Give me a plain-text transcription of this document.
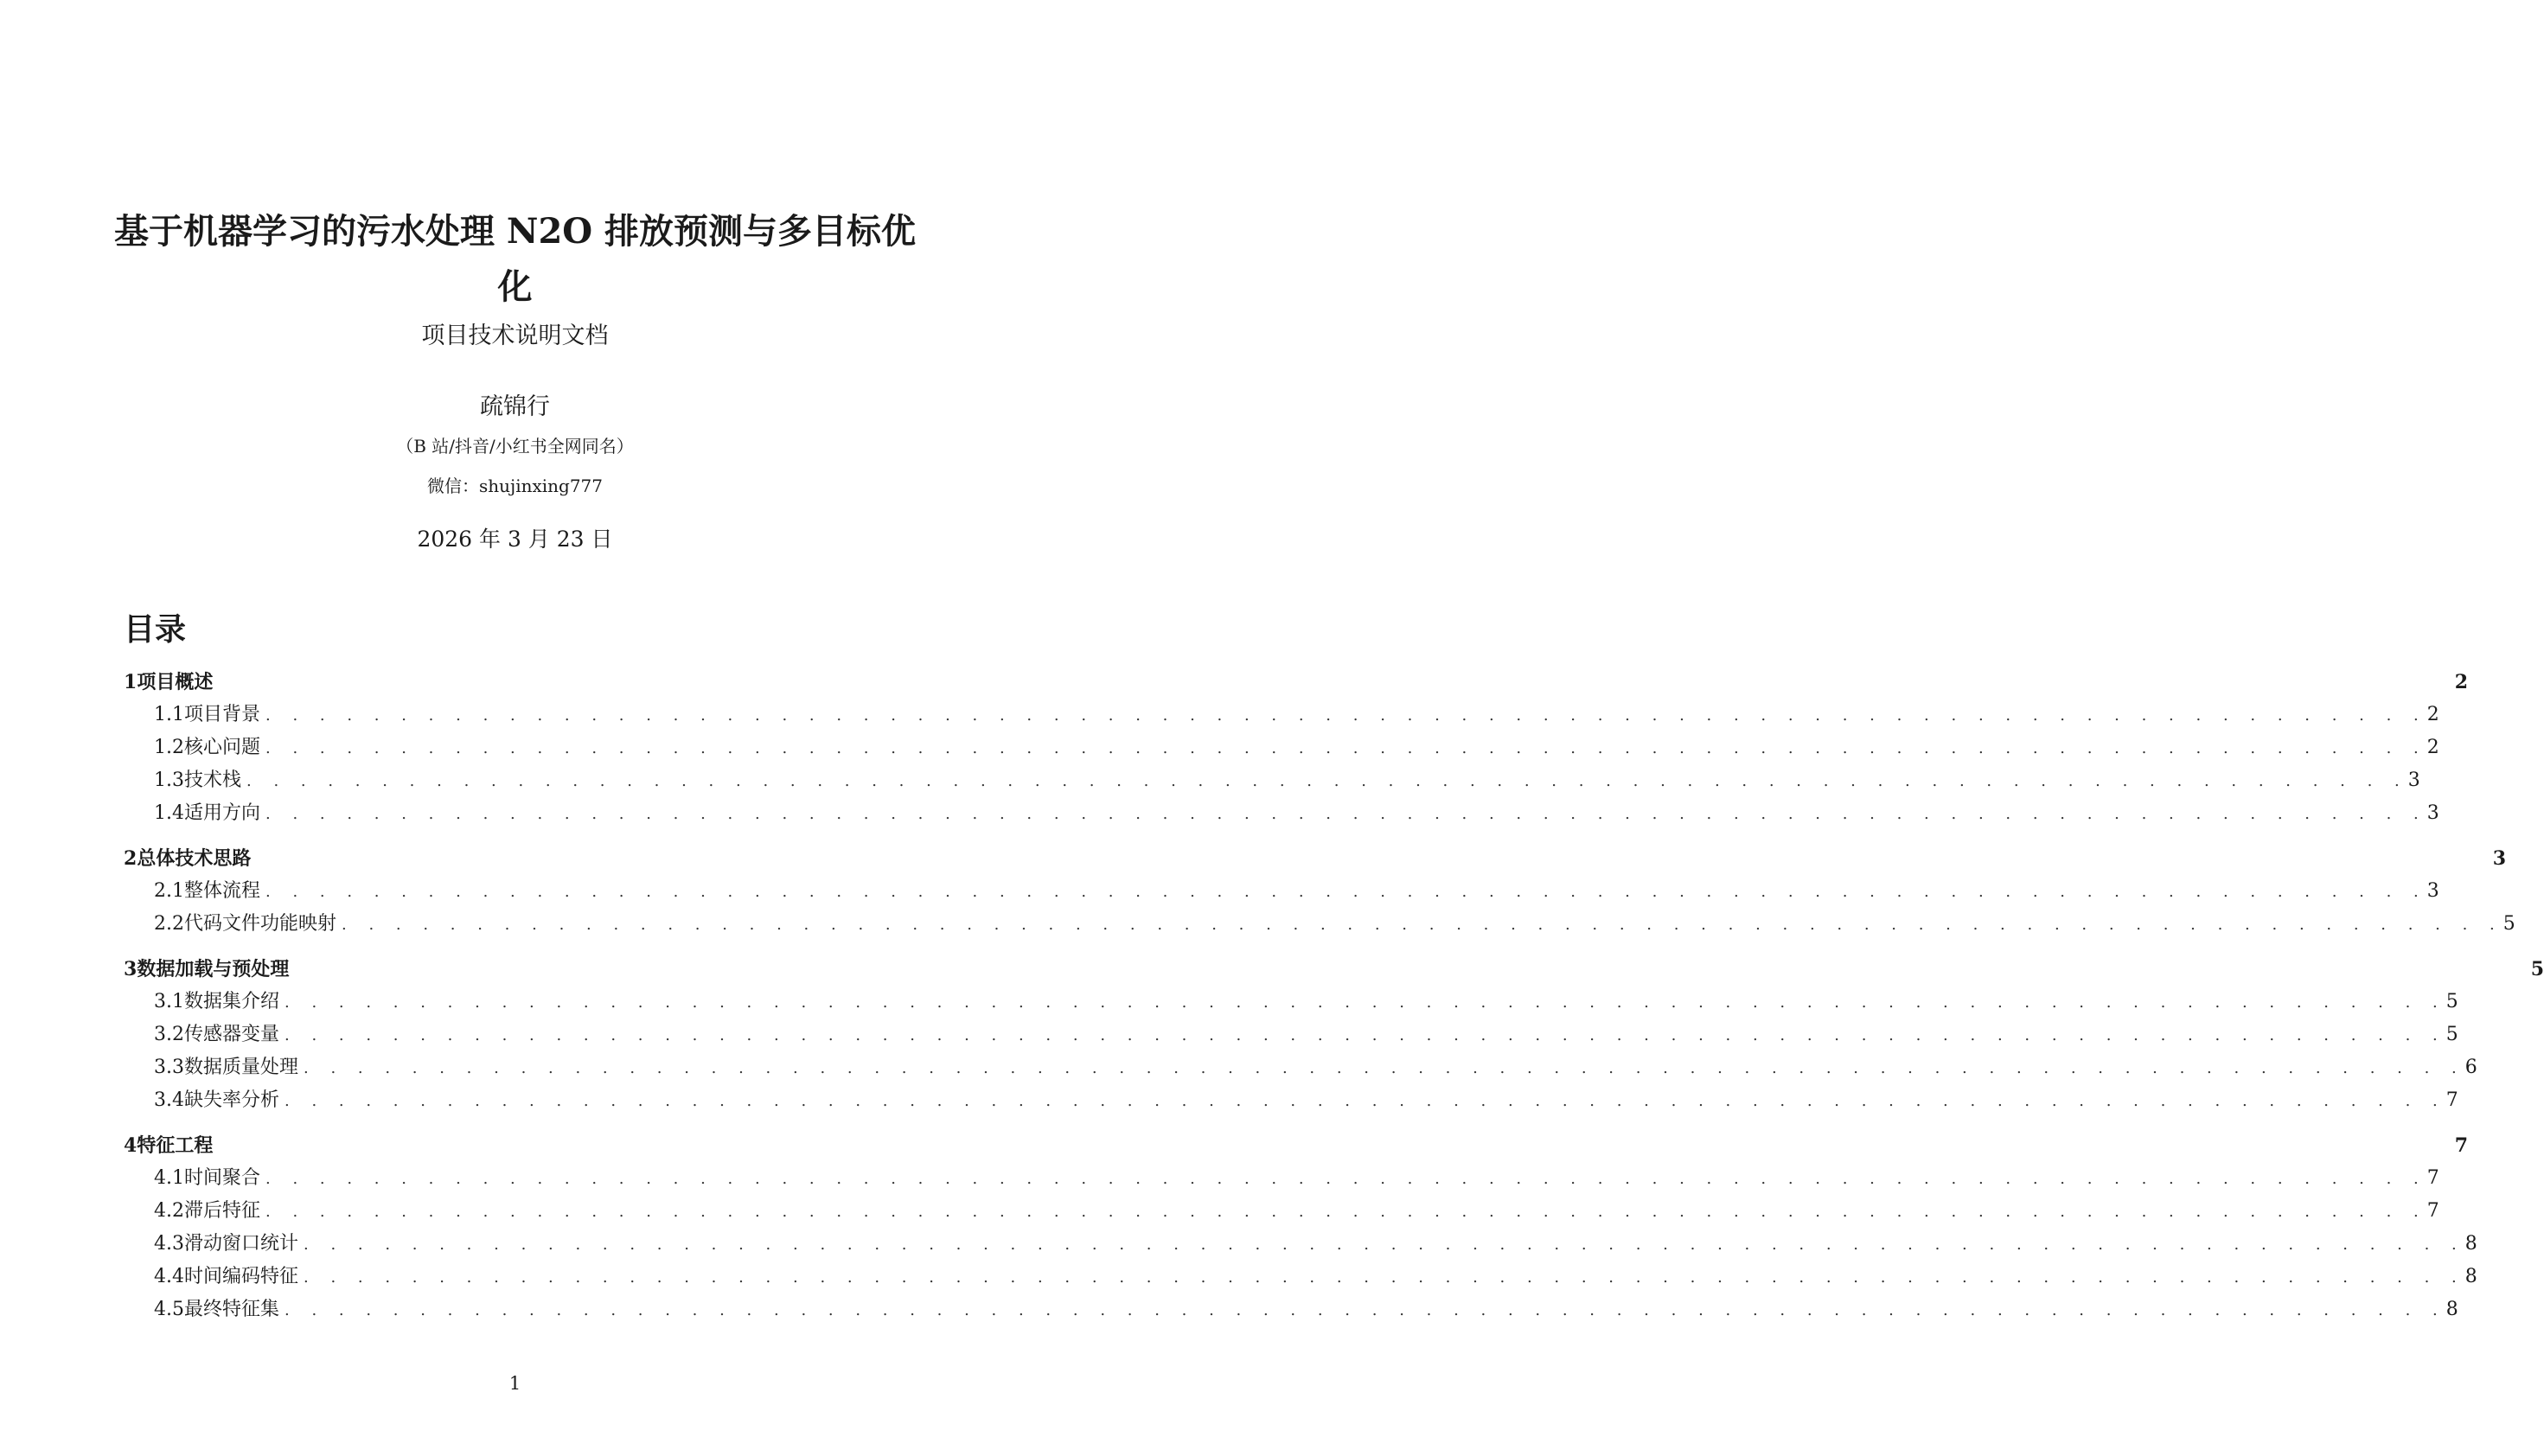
基于机器学习的污水处理 N2O 排放预测与多目标优化
项目技术说明文档
疏锦行
（B 站/抖音/小红书全网同名）
微信：shujinxing777
2026 年 3 月 23 日
目录
1 项目概述	2
1.1 项目背景 . . . . . . . . . . . . . . . . . . . . . . . . . . . . . . . . . . . . . . . . . . . . . . . . . . . . . . . . . . . . . . . . . . . . . . . . . . . . . . . . 2
1.2 核心问题 . . . . . . . . . . . . . . . . . . . . . . . . . . . . . . . . . . . . . . . . . . . . . . . . . . . . . . . . . . . . . . . . . . . . . . . . . . . . . . . . 2
1.3 技术栈 . . . . . . . . . . . . . . . . . . . . . . . . . . . . . . . . . . . . . . . . . . . . . . . . . . . . . . . . . . . . . . . . . . . . . . . . . . . . . . . . 3
1.4 适用方向 . . . . . . . . . . . . . . . . . . . . . . . . . . . . . . . . . . . . . . . . . . . . . . . . . . . . . . . . . . . . . . . . . . . . . . . . . . . . . . . . 3
2 总体技术思路	3
2.1 整体流程 . . . . . . . . . . . . . . . . . . . . . . . . . . . . . . . . . . . . . . . . . . . . . . . . . . . . . . . . . . . . . . . . . . . . . . . . . . . . . . . . 3
2.2 代码文件功能映射 . . . . . . . . . . . . . . . . . . . . . . . . . . . . . . . . . . . . . . . . . . . . . . . . . . . . . . . . . . . . . . . . . . . . . . . . . . . . . . . . 5
3 数据加载与预处理	5
3.1 数据集介绍 . . . . . . . . . . . . . . . . . . . . . . . . . . . . . . . . . . . . . . . . . . . . . . . . . . . . . . . . . . . . . . . . . . . . . . . . . . . . . . . . 5
3.2 传感器变量 . . . . . . . . . . . . . . . . . . . . . . . . . . . . . . . . . . . . . . . . . . . . . . . . . . . . . . . . . . . . . . . . . . . . . . . . . . . . . . . . 5
3.3 数据质量处理 . . . . . . . . . . . . . . . . . . . . . . . . . . . . . . . . . . . . . . . . . . . . . . . . . . . . . . . . . . . . . . . . . . . . . . . . . . . . . . . . 6
3.4 缺失率分析 . . . . . . . . . . . . . . . . . . . . . . . . . . . . . . . . . . . . . . . . . . . . . . . . . . . . . . . . . . . . . . . . . . . . . . . . . . . . . . . . 7
4 特征工程	7
4.1 时间聚合 . . . . . . . . . . . . . . . . . . . . . . . . . . . . . . . . . . . . . . . . . . . . . . . . . . . . . . . . . . . . . . . . . . . . . . . . . . . . . . . . 7
4.2 滞后特征 . . . . . . . . . . . . . . . . . . . . . . . . . . . . . . . . . . . . . . . . . . . . . . . . . . . . . . . . . . . . . . . . . . . . . . . . . . . . . . . . 7
4.3 滑动窗口统计 . . . . . . . . . . . . . . . . . . . . . . . . . . . . . . . . . . . . . . . . . . . . . . . . . . . . . . . . . . . . . . . . . . . . . . . . . . . . . . . . 8
4.4 时间编码特征 . . . . . . . . . . . . . . . . . . . . . . . . . . . . . . . . . . . . . . . . . . . . . . . . . . . . . . . . . . . . . . . . . . . . . . . . . . . . . . . . 8
4.5 最终特征集 . . . . . . . . . . . . . . . . . . . . . . . . . . . . . . . . . . . . . . . . . . . . . . . . . . . . . . . . . . . . . . . . . . . . . . . . . . . . . . . . 8
1
